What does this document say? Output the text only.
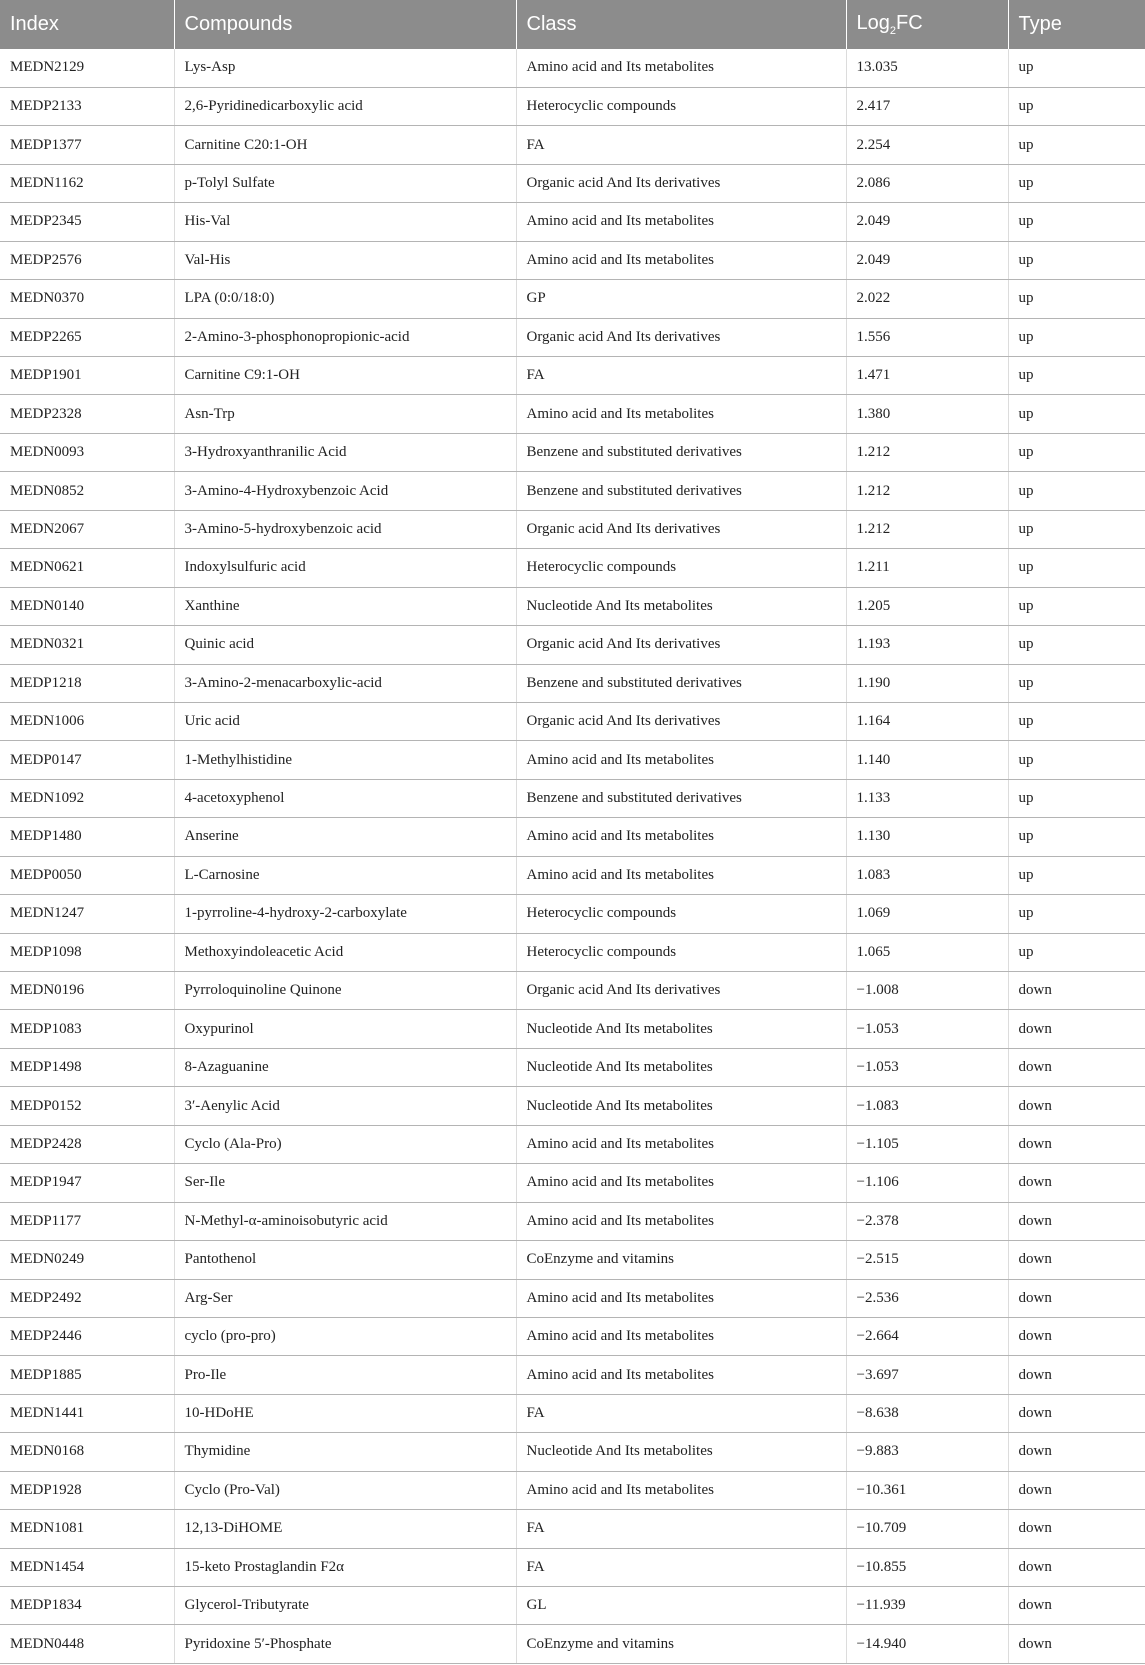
Index	Compounds	Class	Log$_2$FC	Type
MEDN2129	Lys-Asp	Amino acid and Its metabolites	13.035	up
MEDP2133	2,6-Pyridinedicarboxylic acid	Heterocyclic compounds	2.417	up
MEDP1377	Carnitine C20:1-OH	FA	2.254	up
MEDN1162	p-Tolyl Sulfate	Organic acid And Its derivatives	2.086	up
MEDP2345	His-Val	Amino acid and Its metabolites	2.049	up
MEDP2576	Val-His	Amino acid and Its metabolites	2.049	up
MEDN0370	LPA (0:0/18:0)	GP	2.022	up
MEDP2265	2-Amino-3-phosphonopropionic-acid	Organic acid And Its derivatives	1.556	up
MEDP1901	Carnitine C9:1-OH	FA	1.471	up
MEDP2328	Asn-Trp	Amino acid and Its metabolites	1.380	up
MEDN0093	3-Hydroxyanthranilic Acid	Benzene and substituted derivatives	1.212	up
MEDN0852	3-Amino-4-Hydroxybenzoic Acid	Benzene and substituted derivatives	1.212	up
MEDN2067	3-Amino-5-hydroxybenzoic acid	Organic acid And Its derivatives	1.212	up
MEDN0621	Indoxylsulfuric acid	Heterocyclic compounds	1.211	up
MEDN0140	Xanthine	Nucleotide And Its metabolites	1.205	up
MEDN0321	Quinic acid	Organic acid And Its derivatives	1.193	up
MEDP1218	3-Amino-2-menacarboxylic-acid	Benzene and substituted derivatives	1.190	up
MEDN1006	Uric acid	Organic acid And Its derivatives	1.164	up
MEDP0147	1-Methylhistidine	Amino acid and Its metabolites	1.140	up
MEDN1092	4-acetoxyphenol	Benzene and substituted derivatives	1.133	up
MEDP1480	Anserine	Amino acid and Its metabolites	1.130	up
MEDP0050	L-Carnosine	Amino acid and Its metabolites	1.083	up
MEDN1247	1-pyrroline-4-hydroxy-2-carboxylate	Heterocyclic compounds	1.069	up
MEDP1098	Methoxyindoleacetic Acid	Heterocyclic compounds	1.065	up
MEDN0196	Pyrroloquinoline Quinone	Organic acid And Its derivatives	−1.008	down
MEDP1083	Oxypurinol	Nucleotide And Its metabolites	−1.053	down
MEDP1498	8-Azaguanine	Nucleotide And Its metabolites	−1.053	down
MEDP0152	3′-Aenylic Acid	Nucleotide And Its metabolites	−1.083	down
MEDP2428	Cyclo (Ala-Pro)	Amino acid and Its metabolites	−1.105	down
MEDP1947	Ser-Ile	Amino acid and Its metabolites	−1.106	down
MEDP1177	N-Methyl-α-aminoisobutyric acid	Amino acid and Its metabolites	−2.378	down
MEDN0249	Pantothenol	CoEnzyme and vitamins	−2.515	down
MEDP2492	Arg-Ser	Amino acid and Its metabolites	−2.536	down
MEDP2446	cyclo (pro-pro)	Amino acid and Its metabolites	−2.664	down
MEDP1885	Pro-Ile	Amino acid and Its metabolites	−3.697	down
MEDN1441	10-HDoHE	FA	−8.638	down
MEDN0168	Thymidine	Nucleotide And Its metabolites	−9.883	down
MEDP1928	Cyclo (Pro-Val)	Amino acid and Its metabolites	−10.361	down
MEDN1081	12,13-DiHOME	FA	−10.709	down
MEDN1454	15-keto Prostaglandin F2α	FA	−10.855	down
MEDP1834	Glycerol-Tributyrate	GL	−11.939	down
MEDN0448	Pyridoxine 5′-Phosphate	CoEnzyme and vitamins	−14.940	down
